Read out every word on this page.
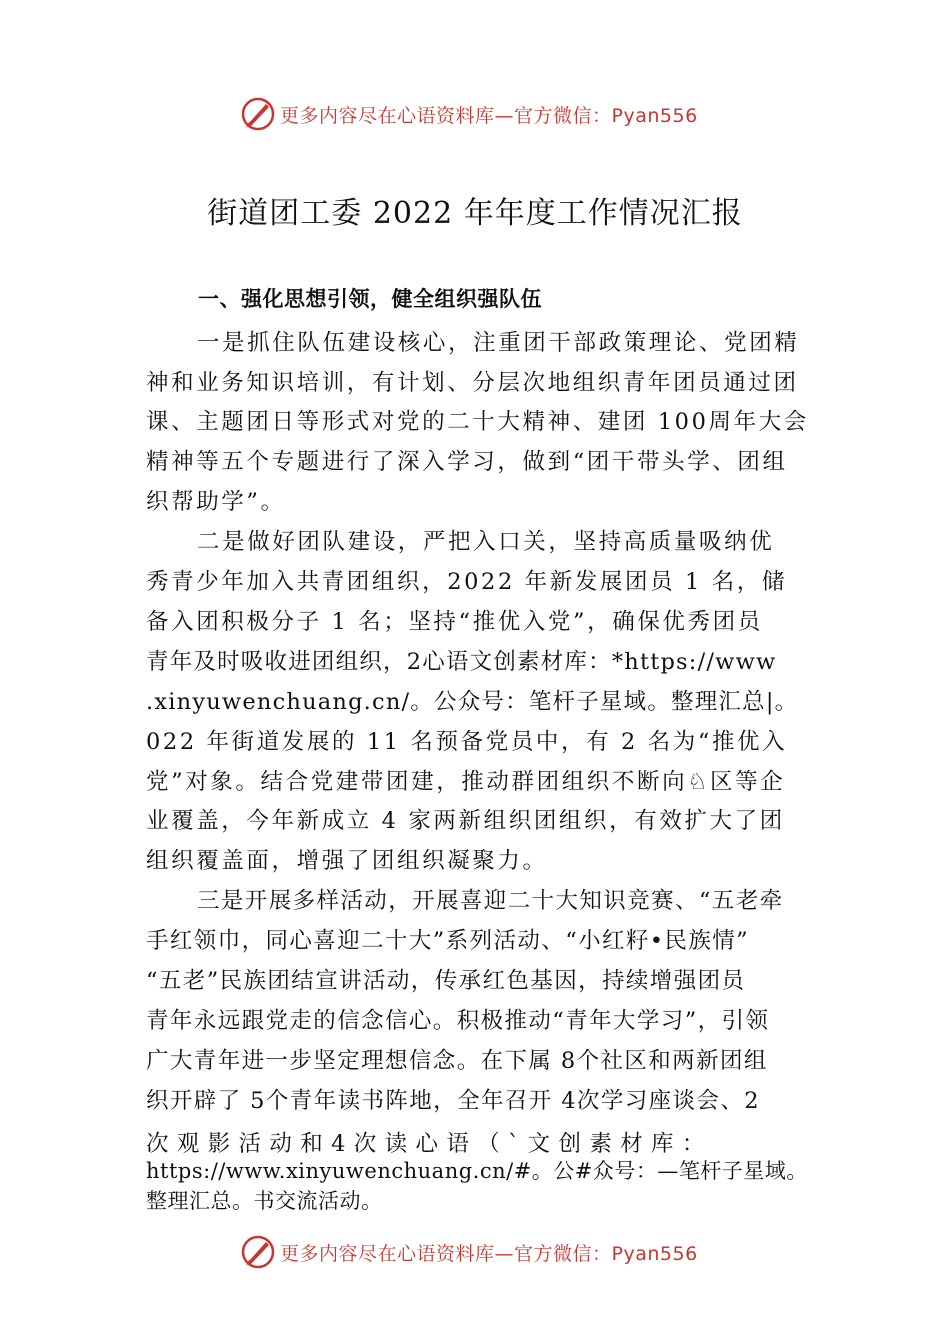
更多内容尽在心语资料库—官方微信：Pyan556
街道团工委 2022 年年度工作情况汇报
一、强化思想引领，健全组织强队伍
一是抓住队伍建设核心，注重团干部政策理论、党团精
神和业务知识培训，有计划、分层次地组织青年团员通过团
课、主题团日等形式对党的二十大精神、建团 100周年大会
精神等五个专题进行了深入学习，做到“团干带头学、团组
织帮助学”。
二是做好团队建设，严把入口关，坚持高质量吸纳优
秀青少年加入共青团组织，2022 年新发展团员 1 名，储
备入团积极分子 1 名；坚持“推优入党”，确保优秀团员
青年及时吸收进团组织，2心语文创素材库：*https://www
.xinyuwenchuang.cn/。公众号：笔杆子星域。整理汇总|。
022 年街道发展的 11 名预备党员中，有 2 名为“推优入
党”对象。结合党建带团建，推动群团组织不断向♘区等企
业覆盖，今年新成立 4 家两新组织团组织，有效扩大了团
组织覆盖面，增强了团组织凝聚力。
三是开展多样活动，开展喜迎二十大知识竞赛、“五老牵
手红领巾，同心喜迎二十大”系列活动、“小红籽•民族情”
“五老”民族团结宣讲活动，传承红色基因，持续增强团员
青年永远跟党走的信念信心。积极推动“青年大学习”，引领
广大青年进一步坚定理想信念。在下属 8个社区和两新团组
织开辟了 5个青年读书阵地，全年召开 4次学习座谈会、2
次 观 影 活 动 和 4 次 读 心 语 （ ` 文 创 素 材 库 ：
https://www.xinyuwenchuang.cn/#。公#众号：—笔杆子星域。
整理汇总。书交流活动。
更多内容尽在心语资料库—官方微信：Pyan556
